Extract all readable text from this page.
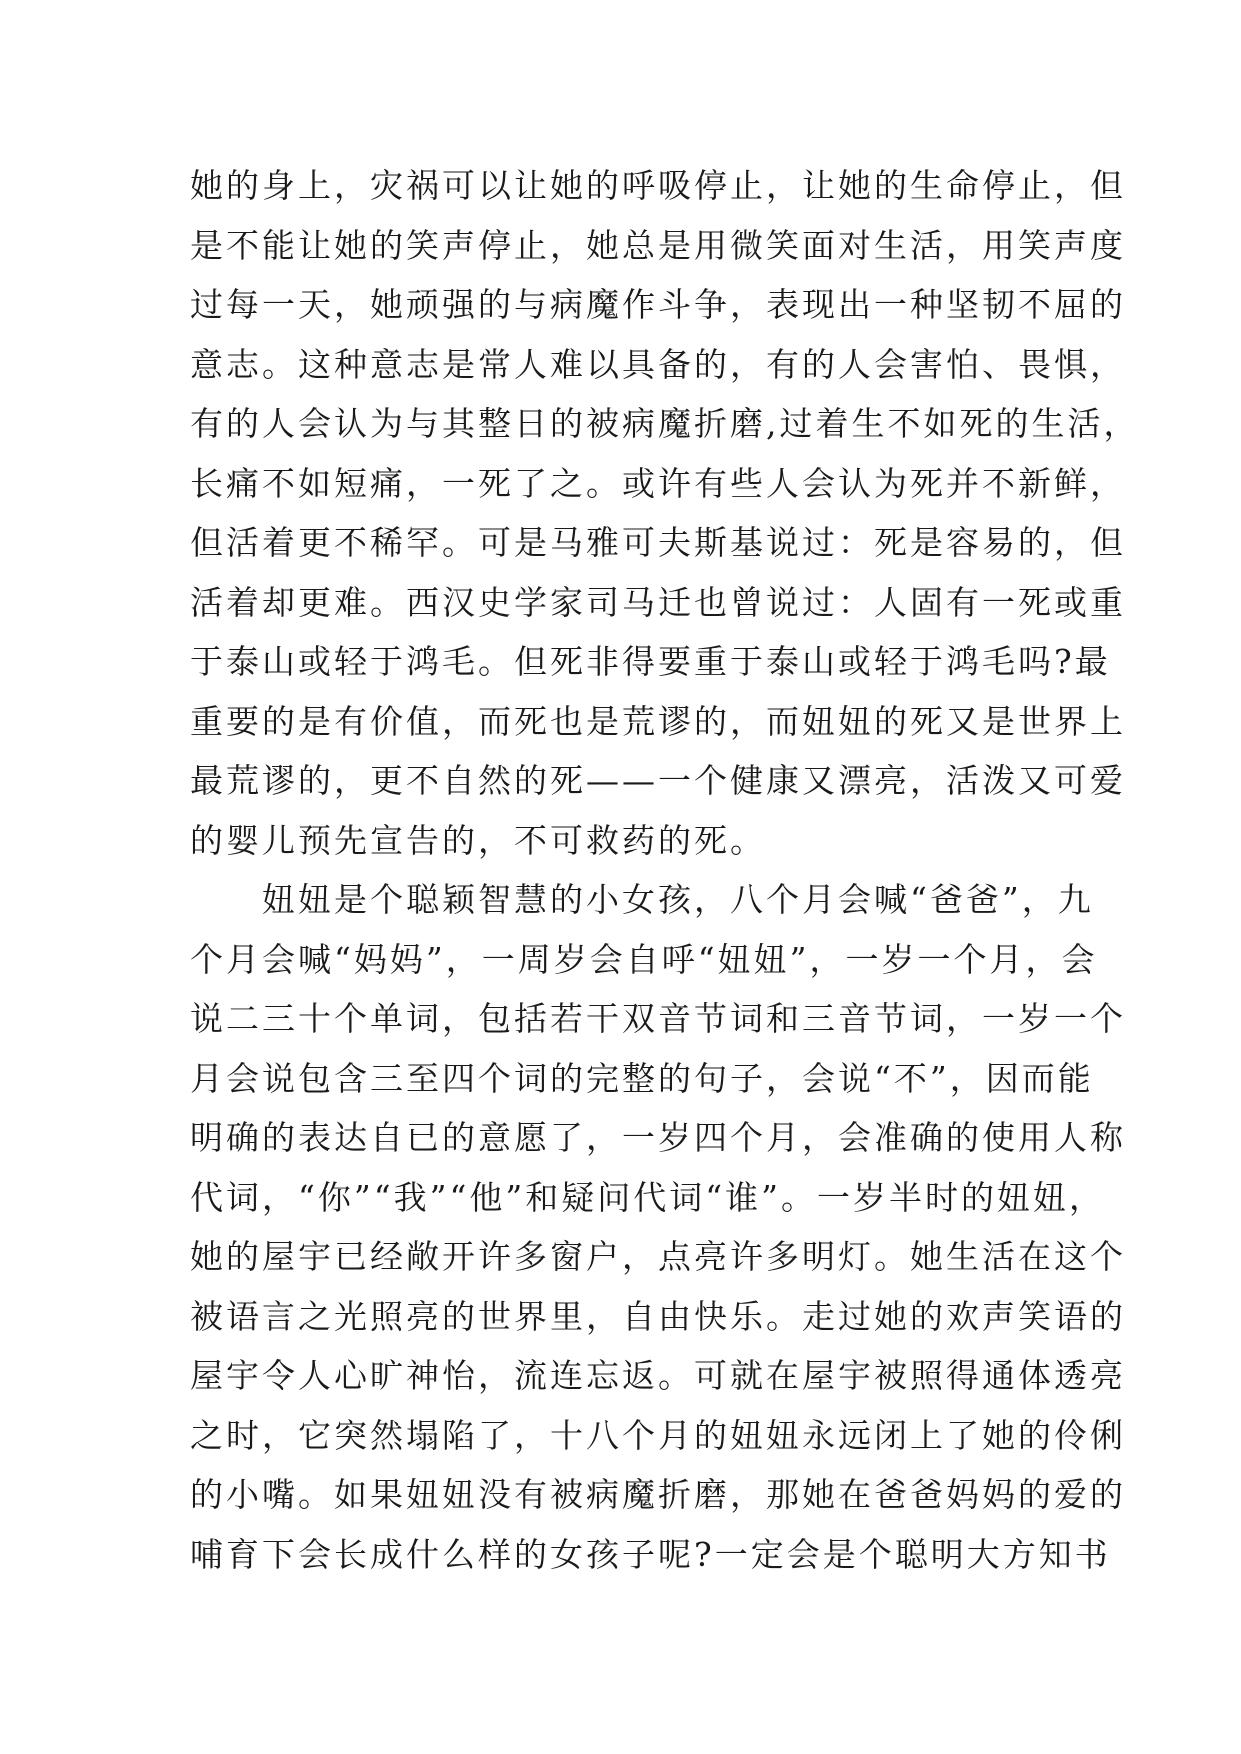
她的身上，灾祸可以让她的呼吸停止，让她的生命停止，但
是不能让她的笑声停止，她总是用微笑面对生活，用笑声度
过每一天，她顽强的与病魔作斗争，表现出一种坚韧不屈的
意志。这种意志是常人难以具备的，有的人会害怕、畏惧，
有的人会认为与其整日的被病魔折磨,过着生不如死的生活，
长痛不如短痛，一死了之。或许有些人会认为死并不新鲜，
但活着更不稀罕。可是马雅可夫斯基说过：死是容易的，但
活着却更难。西汉史学家司马迁也曾说过：人固有一死或重
于泰山或轻于鸿毛。但死非得要重于泰山或轻于鸿毛吗?最
重要的是有价值，而死也是荒谬的，而妞妞的死又是世界上
最荒谬的，更不自然的死——一个健康又漂亮，活泼又可爱
的婴儿预先宣告的，不可救药的死。
妞妞是个聪颖智慧的小女孩，八个月会喊“爸爸”，九
个月会喊“妈妈”，一周岁会自呼“妞妞”，一岁一个月，会
说二三十个单词，包括若干双音节词和三音节词，一岁一个
月会说包含三至四个词的完整的句子，会说“不”，因而能
明确的表达自已的意愿了，一岁四个月，会准确的使用人称
代词，“你”“我”“他”和疑问代词“谁”。一岁半时的妞妞，
她的屋宇已经敞开许多窗户，点亮许多明灯。她生活在这个
被语言之光照亮的世界里，自由快乐。走过她的欢声笑语的
屋宇令人心旷神怡，流连忘返。可就在屋宇被照得通体透亮
之时，它突然塌陷了，十八个月的妞妞永远闭上了她的伶俐
的小嘴。如果妞妞没有被病魔折磨，那她在爸爸妈妈的爱的
哺育下会长成什么样的女孩子呢?一定会是个聪明大方知书
